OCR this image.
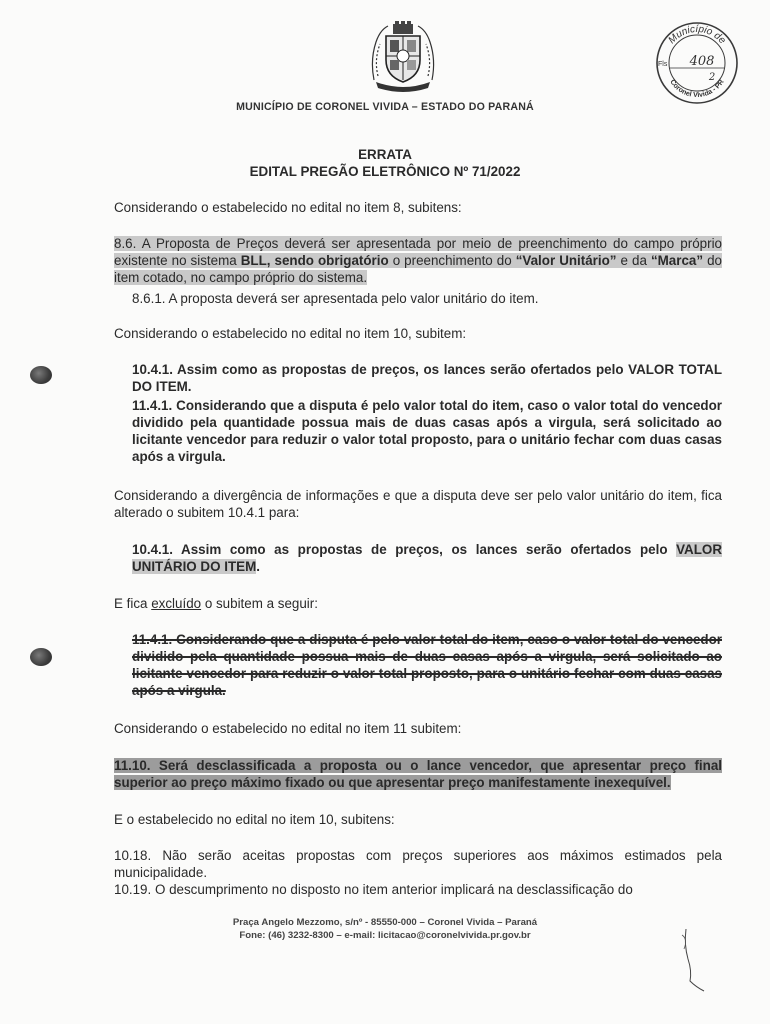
MUNICÍPIO DE CORONEL VIVIDA – ESTADO DO PARANÁ
Município de
Coronel Vivida - PR
Fls 408
2
ERRATA
EDITAL PREGÃO ELETRÔNICO Nº 71/2022

Considerando o estabelecido no edital no item 8, subitens:

8.6. A Proposta de Preços deverá ser apresentada por meio de preenchimento do campo próprio existente no sistema BLL, sendo obrigatório o preenchimento do “Valor Unitário” e da “Marca” do item cotado, no campo próprio do sistema.

8.6.1. A proposta deverá ser apresentada pelo valor unitário do item.

Considerando o estabelecido no edital no item 10, subitem:

10.4.1. Assim como as propostas de preços, os lances serão ofertados pelo VALOR TOTAL DO ITEM.

11.4.1. Considerando que a disputa é pelo valor total do item, caso o valor total do vencedor dividido pela quantidade possua mais de duas casas após a virgula, será solicitado ao licitante vencedor para reduzir o valor total proposto, para o unitário fechar com duas casas após a virgula.

Considerando a divergência de informações e que a disputa deve ser pelo valor unitário do item, fica alterado o subitem 10.4.1 para:

10.4.1. Assim como as propostas de preços, os lances serão ofertados pelo VALOR UNITÁRIO DO ITEM.
E fica excluído o subitem a seguir:

11.4.1. Considerando que a disputa é pelo valor total do item, caso o valor total do vencedor dividido pela quantidade possua mais de duas casas após a virgula, será solicitado ao licitante vencedor para reduzir o valor total proposto, para o unitário fechar com duas casas após a virgula.

Considerando o estabelecido no edital no item 11 subitem:

11.10. Será desclassificada a proposta ou o lance vencedor, que apresentar preço final superior ao preço máximo fixado ou que apresentar preço manifestamente inexequível.

E o estabelecido no edital no item 10, subitens:

10.18. Não serão aceitas propostas com preços superiores aos máximos estimados pela municipalidade.

10.19. O descumprimento no disposto no item anterior implicará na desclassificação do

Praça Angelo Mezzomo, s/nº - 85550-000 – Coronel Vivida – Paraná
Fone: (46) 3232-8300 – e-mail: licitacao@coronelvivida.pr.gov.br
